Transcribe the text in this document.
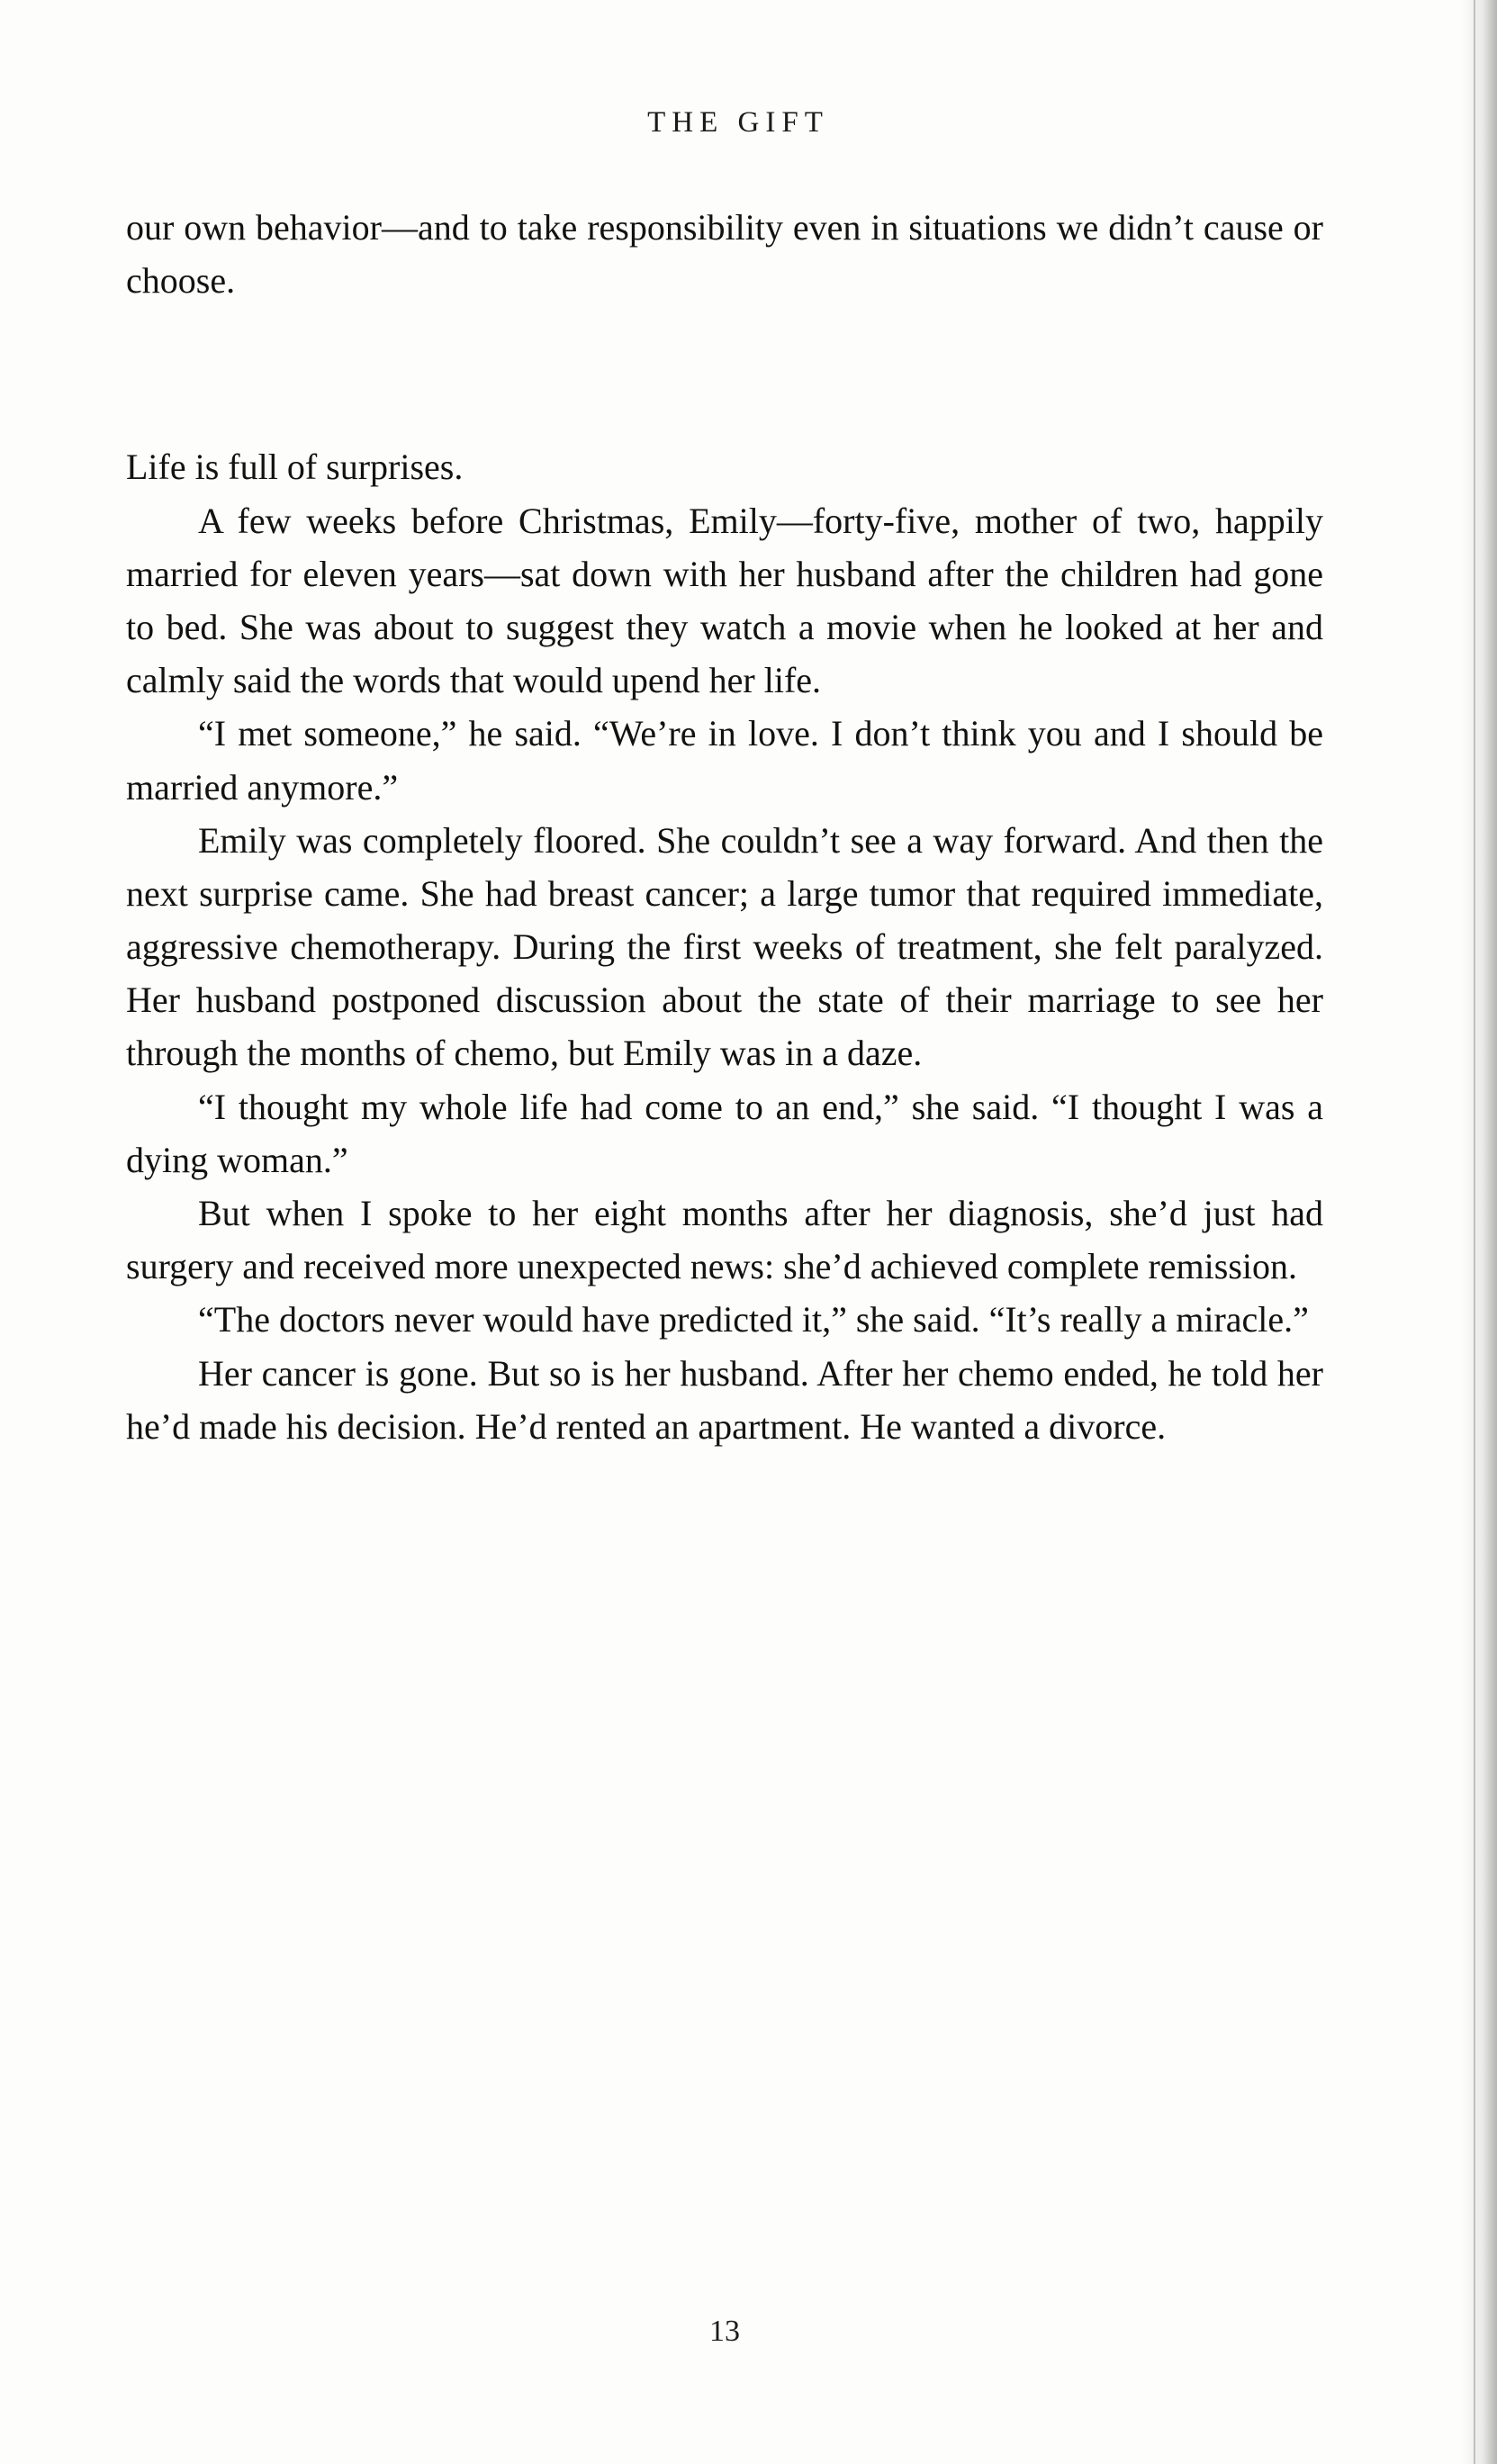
THE GIFT

our own behavior—and to take responsibility even in situations we didn’t cause or choose.

Life is full of surprises.

A few weeks before Christmas, Emily—forty-five, mother of two, happily married for eleven years—sat down with her husband after the children had gone to bed. She was about to suggest they watch a movie when he looked at her and calmly said the words that would upend her life.

“I met someone,” he said. “We’re in love. I don’t think you and I should be married anymore.”

Emily was completely floored. She couldn’t see a way forward. And then the next surprise came. She had breast cancer; a large tumor that required immediate, aggressive chemotherapy. During the first weeks of treatment, she felt paralyzed. Her husband postponed discussion about the state of their marriage to see her through the months of chemo, but Emily was in a daze.

“I thought my whole life had come to an end,” she said. “I thought I was a dying woman.”

But when I spoke to her eight months after her diagnosis, she’d just had surgery and received more unexpected news: she’d achieved complete remission.

“The doctors never would have predicted it,” she said. “It’s really a miracle.”

Her cancer is gone. But so is her husband. After her chemo ended, he told her he’d made his decision. He’d rented an apartment. He wanted a divorce.

13
